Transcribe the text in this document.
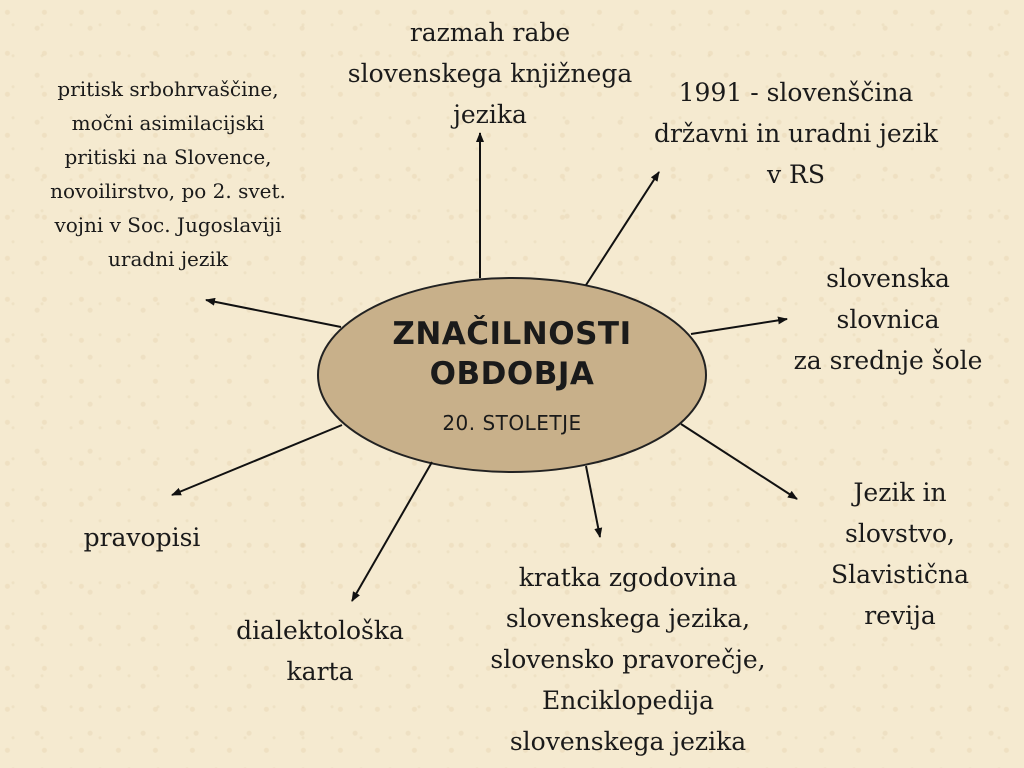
ZNAČILNOSTI
OBDOBJA
20. STOLETJE
razmah rabe
slovenskega knjižnega
jezika
1991 - slovenščina
državni in uradni jezik
v RS
slovenska
slovnica
za srednje šole
Jezik in
slovstvo,
Slavistična
revija
kratka zgodovina
slovenskega jezika,
slovensko pravorečje,
Enciklopedija
slovenskega jezika
dialektološka
karta
pravopisi
pritisk srbohrvaščine,
močni asimilacijski
pritiski na Slovence,
novoilirstvo, po 2. svet.
vojni v Soc. Jugoslaviji
uradni jezik
